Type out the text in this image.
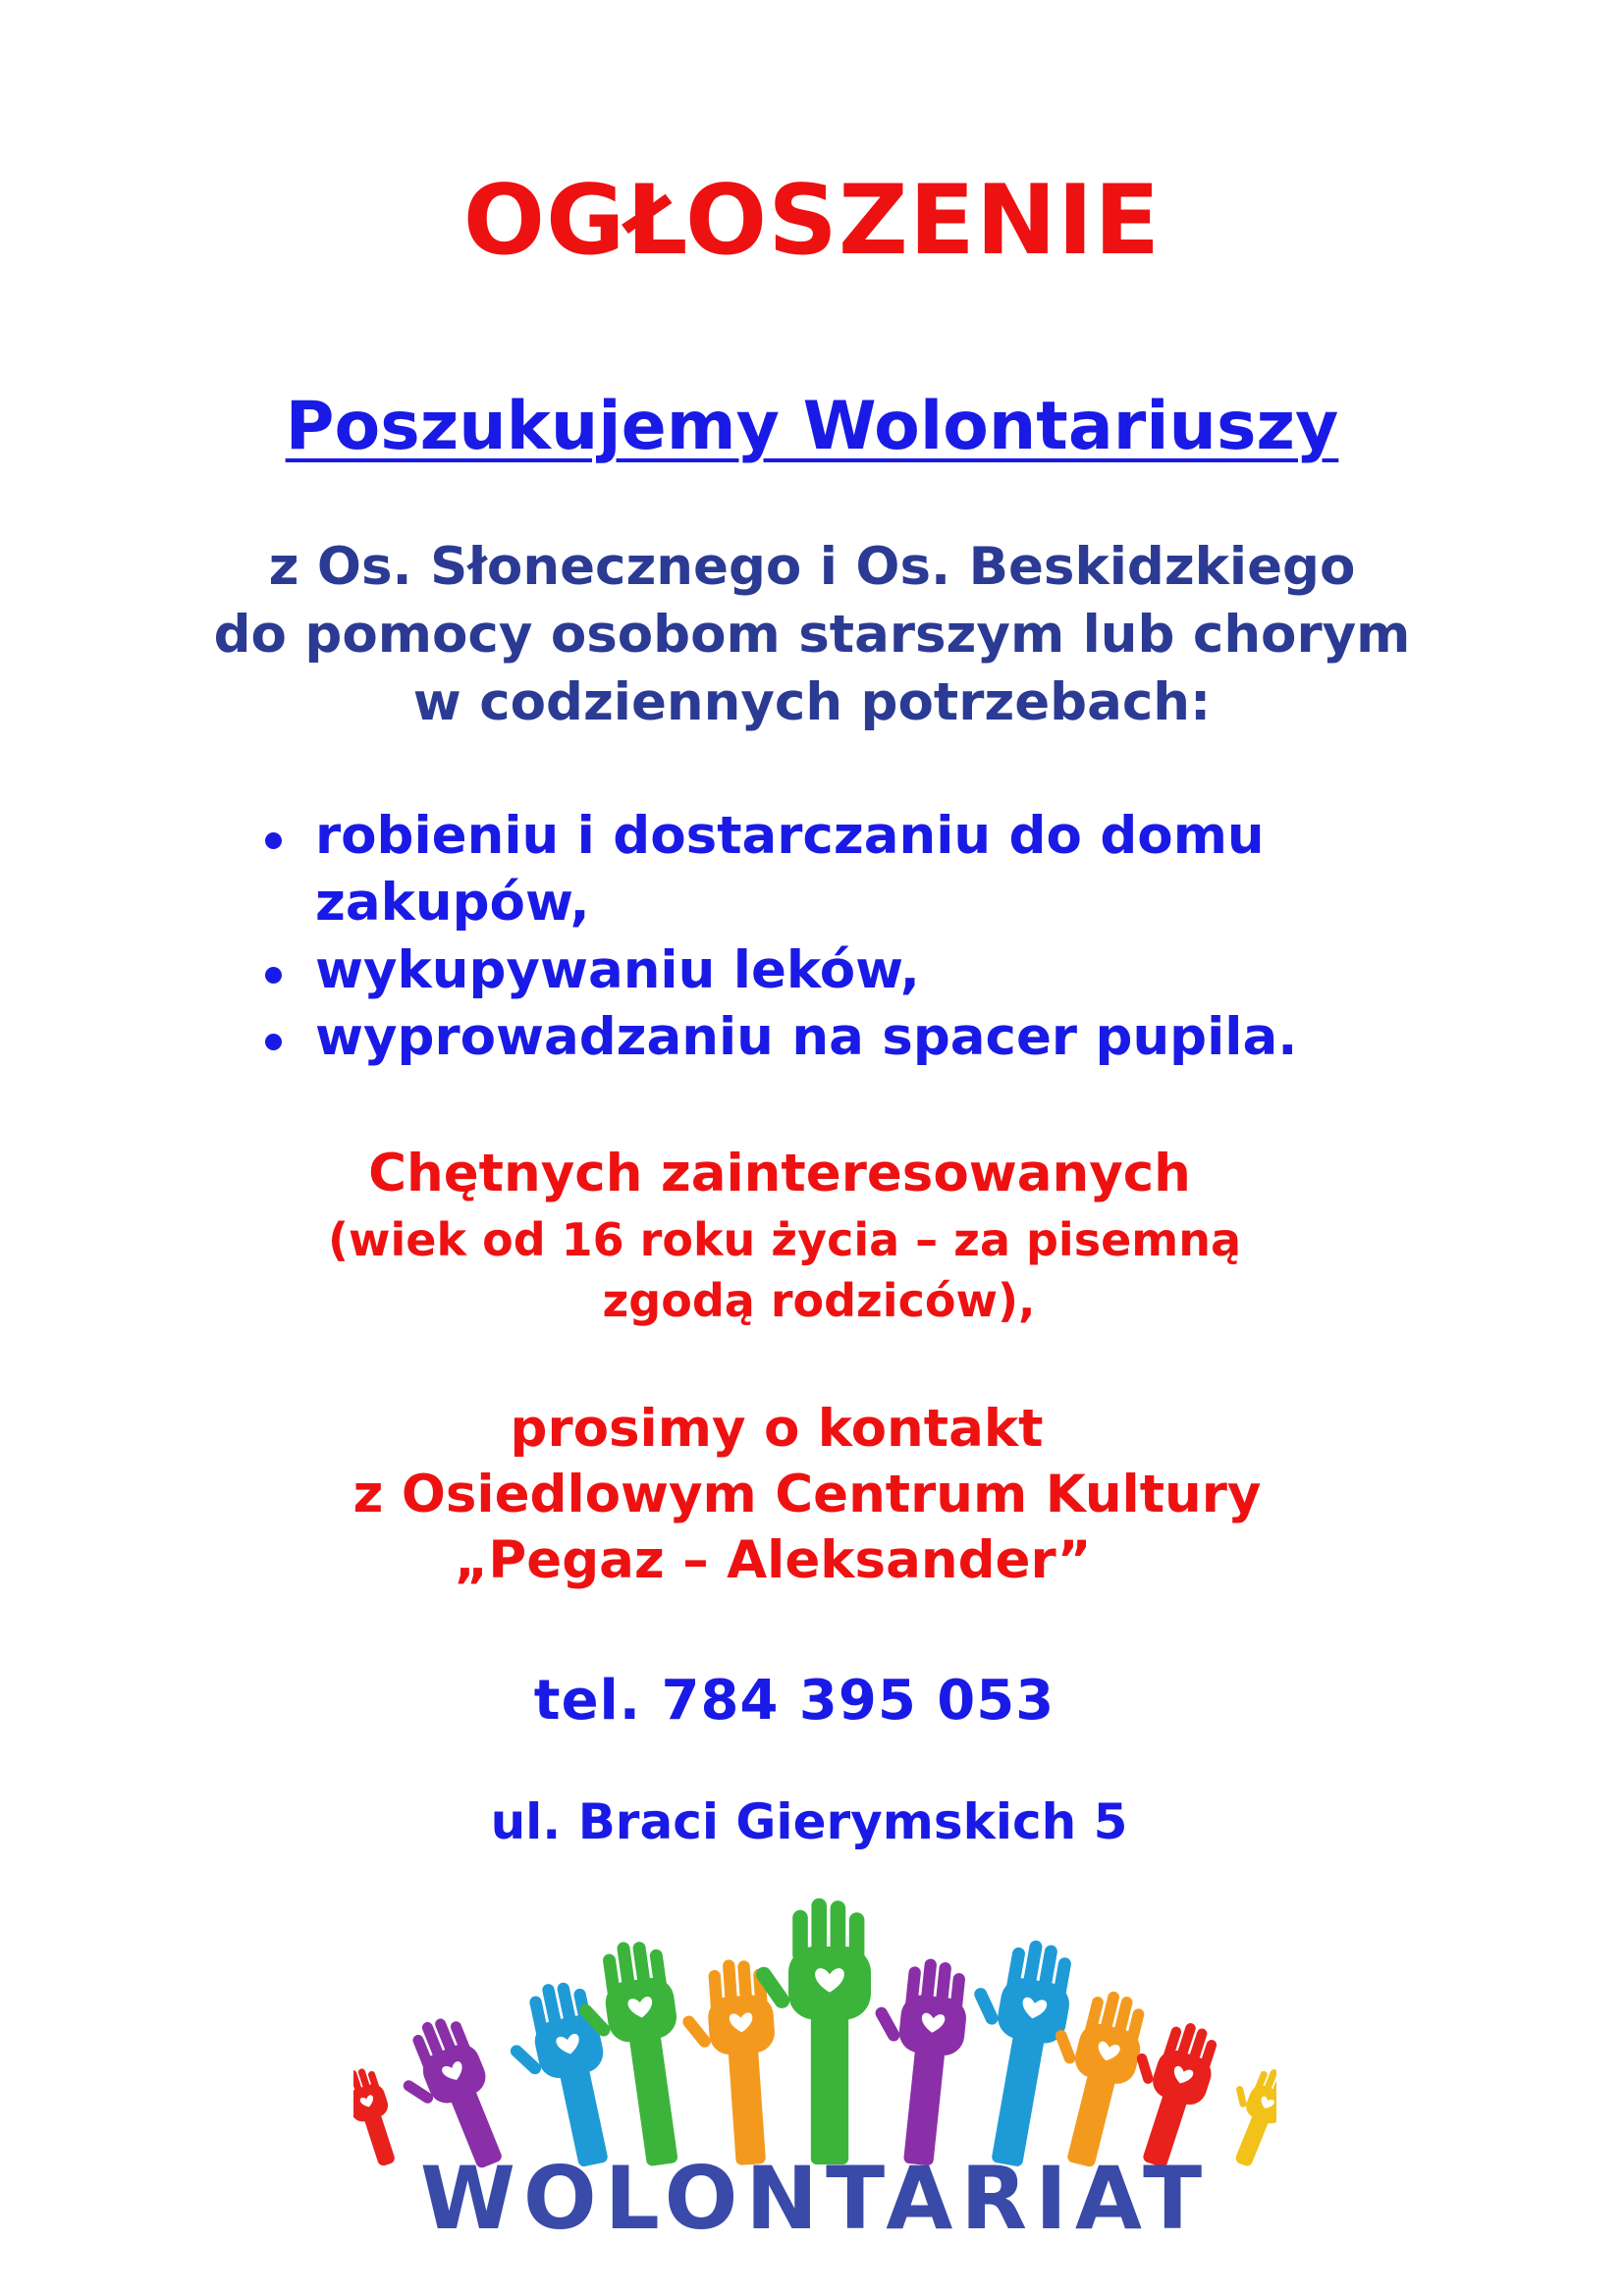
OGŁOSZENIE
Poszukujemy Wolontariuszy
z Os. Słonecznego i Os. Beskidzkiego
do pomocy osobom starszym lub chorym
w codziennych potrzebach:
robieniu i dostarczaniu do domu zakupów,
wykupywaniu leków,
wyprowadzaniu na spacer pupila.
Chętnych zainteresowanych
(wiek od 16 roku życia – za pisemną
zgodą rodziców),
prosimy o kontakt
z Osiedlowym Centrum Kultury
„Pegaz – Aleksander”
tel. 784 395 053
ul. Braci Gierymskich 5
WOLONTARIAT
